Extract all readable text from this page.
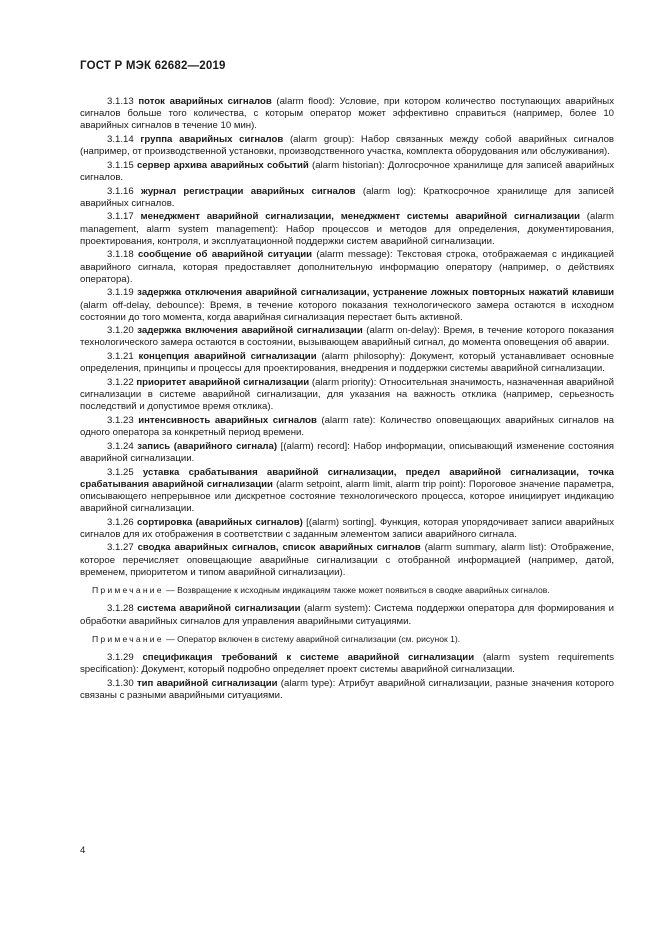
ГОСТ Р МЭК 62682—2019

3.1.13 поток аварийных сигналов (alarm flood): Условие, при котором количество поступающих аварийных сигналов больше того количества, с которым оператор может эффективно справиться (например, более 10 аварийных сигналов в течение 10 мин).

3.1.14 группа аварийных сигналов (alarm group): Набор связанных между собой аварийных сигналов (например, от производственной установки, производственного участка, комплекта оборудования или обслуживания).

3.1.15 сервер архива аварийных событий (alarm historian): Долгосрочное хранилище для записей аварийных сигналов.

3.1.16 журнал регистрации аварийных сигналов (alarm log): Краткосрочное хранилище для записей аварийных сигналов.

3.1.17 менеджмент аварийной сигнализации, менеджмент системы аварийной сигнализации (alarm management, alarm system management): Набор процессов и методов для определения, документирования, проектирования, контроля, и эксплуатационной поддержки систем аварийной сигнализации.

3.1.18 сообщение об аварийной ситуации (alarm message): Текстовая строка, отображаемая с индикацией аварийного сигнала, которая предоставляет дополнительную информацию оператору (например, о действиях оператора).

3.1.19 задержка отключения аварийной сигнализации, устранение ложных повторных нажатий клавиши (alarm off-delay, debounce): Время, в течение которого показания технологического замера остаются в исходном состоянии до того момента, когда аварийная сигнализация перестает быть активной.

3.1.20 задержка включения аварийной сигнализации (alarm on-delay): Время, в течение которого показания технологического замера остаются в состоянии, вызывающем аварийный сигнал, до момента оповещения об аварии.

3.1.21 концепция аварийной сигнализации (alarm philosophy): Документ, который устанавливает основные определения, принципы и процессы для проектирования, внедрения и поддержки системы аварийной сигнализации.

3.1.22 приоритет аварийной сигнализации (alarm priority): Относительная значимость, назначенная аварийной сигнализации в системе аварийной сигнализации, для указания на важность отклика (например, серьезность последствий и допустимое время отклика).

3.1.23 интенсивность аварийных сигналов (alarm rate): Количество оповещающих аварийных сигналов на одного оператора за конкретный период времени.

3.1.24 запись (аварийного сигнала) [(alarm) record]: Набор информации, описывающий изменение состояния аварийной сигнализации.

3.1.25 уставка срабатывания аварийной сигнализации, предел аварийной сигнализации, точка срабатывания аварийной сигнализации (alarm setpoint, alarm limit, alarm trip point): Пороговое значение параметра, описывающего непрерывное или дискретное состояние технологического процесса, которое инициирует индикацию аварийной сигнализации.

3.1.26 сортировка (аварийных сигналов) [(alarm) sorting]. Функция, которая упорядочивает записи аварийных сигналов для их отображения в соответствии с заданным элементом записи аварийного сигнала.

3.1.27 сводка аварийных сигналов, список аварийных сигналов (alarm summary, alarm list): Отображение, которое перечисляет оповещающие аварийные сигнализации с отобранной информацией (например, датой, временем, приоритетом и типом аварийной сигнализации).

Примечание — Возвращение к исходным индикациям также может появиться в сводке аварийных сигналов.

3.1.28 система аварийной сигнализации (alarm system): Система поддержки оператора для формирования и обработки аварийных сигналов для управления аварийными ситуациями.

Примечание — Оператор включен в систему аварийной сигнализации (см. рисунок 1).

3.1.29 спецификация требований к системе аварийной сигнализации (alarm system requirements specification): Документ, который подробно определяет проект системы аварийной сигнализации.

3.1.30 тип аварийной сигнализации (alarm type): Атрибут аварийной сигнализации, разные значения которого связаны с разными аварийными ситуациями.

4
